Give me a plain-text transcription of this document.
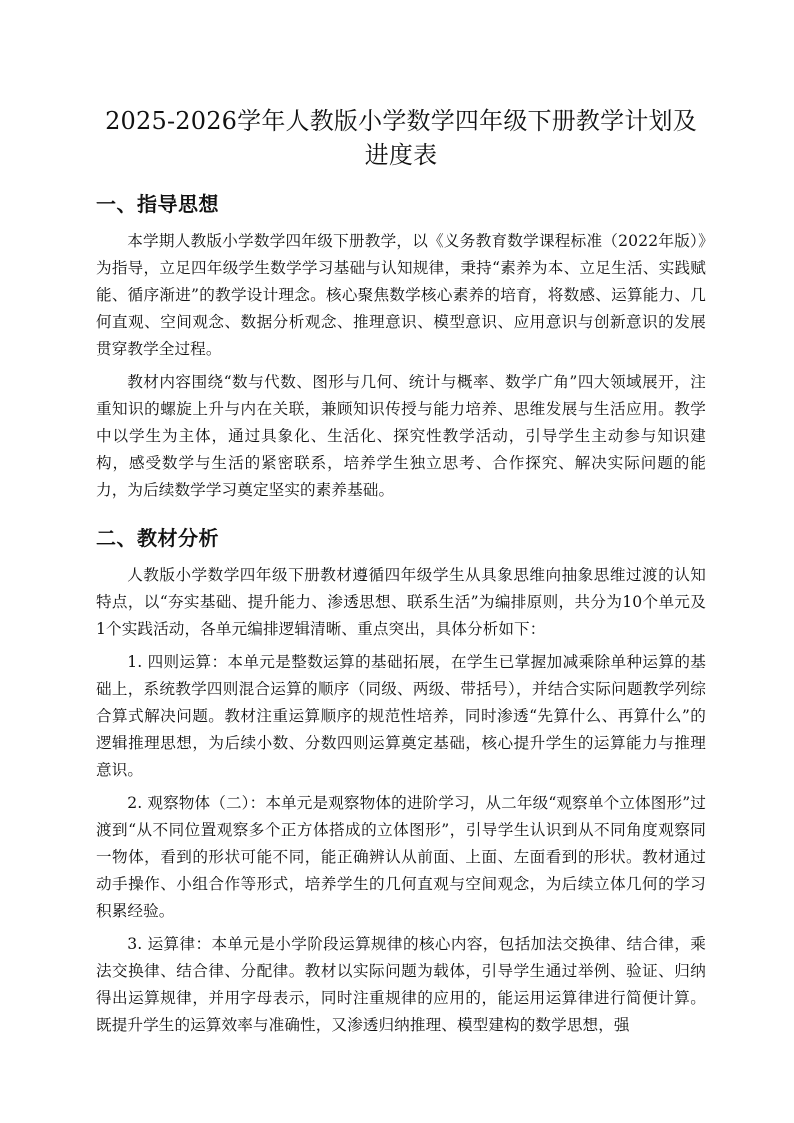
2025-2026学年人教版小学数学四年级下册教学计划及进度表
一、指导思想

本学期人教版小学数学四年级下册教学，以《义务教育数学课程标准（2022年版）》为指导，立足四年级学生数学学习基础与认知规律，秉持“素养为本、立足生活、实践赋能、循序渐进”的教学设计理念。核心聚焦数学核心素养的培育，将数感、运算能力、几何直观、空间观念、数据分析观念、推理意识、模型意识、应用意识与创新意识的发展贯穿教学全过程。

教材内容围绕“数与代数、图形与几何、统计与概率、数学广角”四大领域展开，注重知识的螺旋上升与内在关联，兼顾知识传授与能力培养、思维发展与生活应用。教学中以学生为主体，通过具象化、生活化、探究性教学活动，引导学生主动参与知识建构，感受数学与生活的紧密联系，培养学生独立思考、合作探究、解决实际问题的能力，为后续数学学习奠定坚实的素养基础。

二、教材分析

人教版小学数学四年级下册教材遵循四年级学生从具象思维向抽象思维过渡的认知特点，以“夯实基础、提升能力、渗透思想、联系生活”为编排原则，共分为10个单元及1个实践活动，各单元编排逻辑清晰、重点突出，具体分析如下：

1. 四则运算：本单元是整数运算的基础拓展，在学生已掌握加减乘除单种运算的基础上，系统教学四则混合运算的顺序（同级、两级、带括号），并结合实际问题教学列综合算式解决问题。教材注重运算顺序的规范性培养，同时渗透“先算什么、再算什么”的逻辑推理思想，为后续小数、分数四则运算奠定基础，核心提升学生的运算能力与推理意识。

2. 观察物体（二）：本单元是观察物体的进阶学习，从二年级“观察单个立体图形”过渡到“从不同位置观察多个正方体搭成的立体图形”，引导学生认识到从不同角度观察同一物体，看到的形状可能不同，能正确辨认从前面、上面、左面看到的形状。教材通过动手操作、小组合作等形式，培养学生的几何直观与空间观念，为后续立体几何的学习积累经验。

3. 运算律：本单元是小学阶段运算规律的核心内容，包括加法交换律、结合律，乘法交换律、结合律、分配律。教材以实际问题为载体，引导学生通过举例、验证、归纳得出运算规律，并用字母表示，同时注重规律的应用的，能运用运算律进行简便计算。既提升学生的运算效率与准确性，又渗透归纳推理、模型建构的数学思想，强
